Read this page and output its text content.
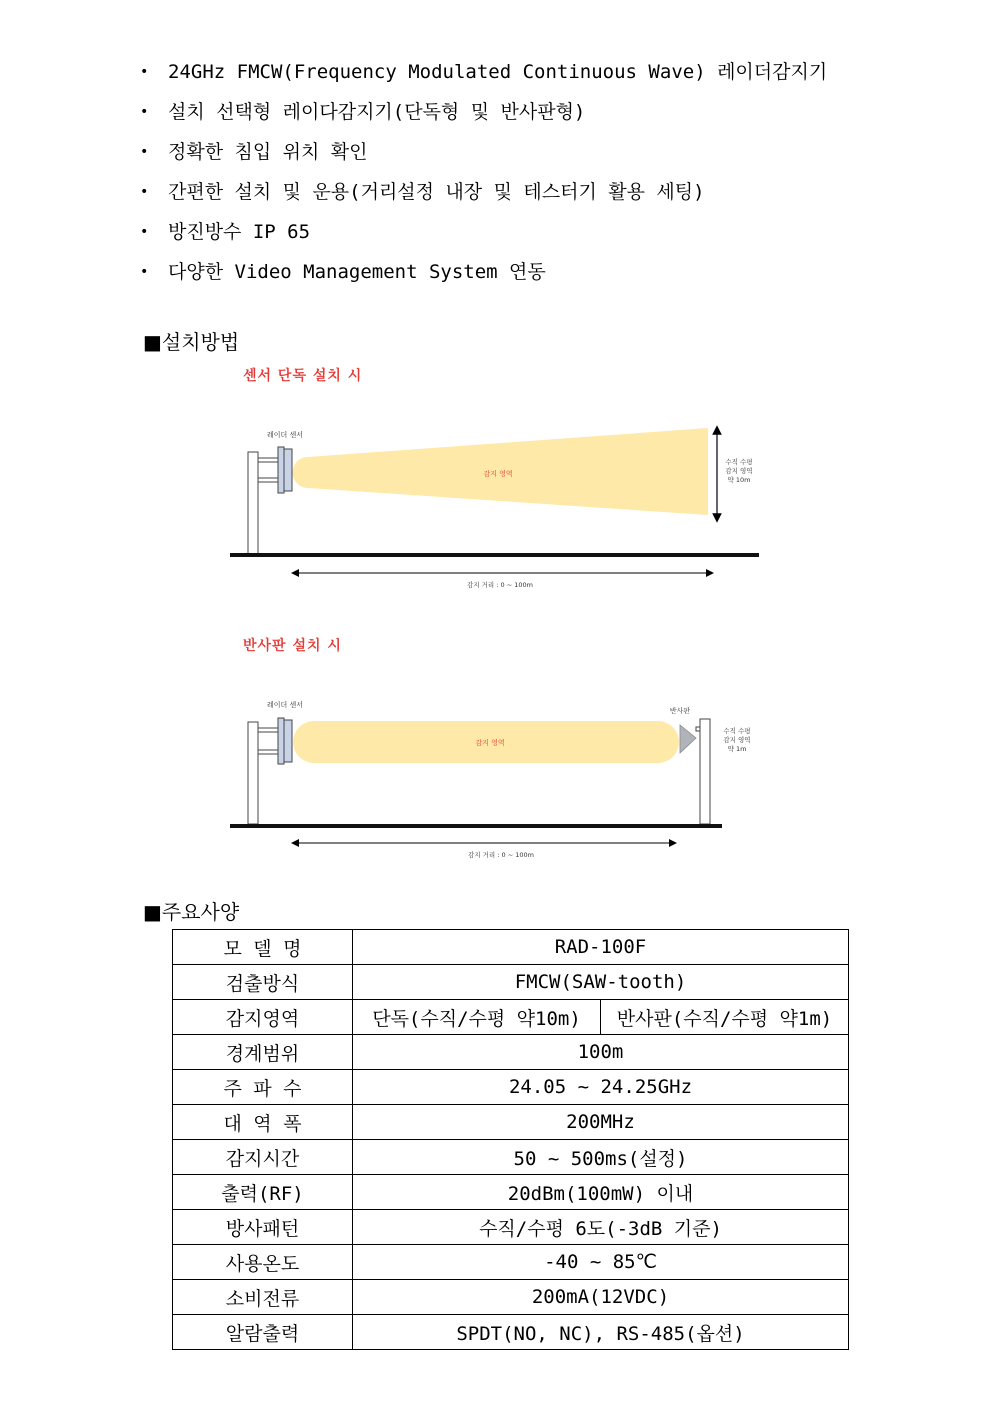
• 24GHz FMCW(Frequency Modulated Continuous Wave) 레이더감지기
• 설치 선택형 레이다감지기(단독형 및 반사판형)
• 정확한 침입 위치 확인
• 간편한 설치 및 운용(거리설정 내장 및 테스터기 활용 세팅)
• 방진방수 IP 65
• 다양한 Video Management System 연동
■설치방법
센서 단독 설치 시
레이더 센서
감지 영역
수직 수평
감지 영역
약 10m
감지 거리 : 0 ~ 100m
반사판 설치 시
레이더 센서
감지 영역
반사판
수직 수평
감지 영역
약 1m
감지 거리 : 0 ~ 100m
■주요사양
모 델 명	RAD-100F	
검출방식	FMCW(SAW-tooth)	
감지영역	단독(수직/수평 약10m)	반사판(수직/수평 약1m)
경계범위	100m	
주 파 수	24.05 ~ 24.25GHz	
대 역 폭	200MHz	
감지시간	50 ~ 500ms(설정)	
출력(RF)	20dBm(100mW) 이내	
방사패턴	수직/수평 6도(-3dB 기준)	
사용온도	-40 ~ 85℃	
소비전류	200mA(12VDC)	
알람출력	SPDT(NO, NC), RS-485(옵션)	
